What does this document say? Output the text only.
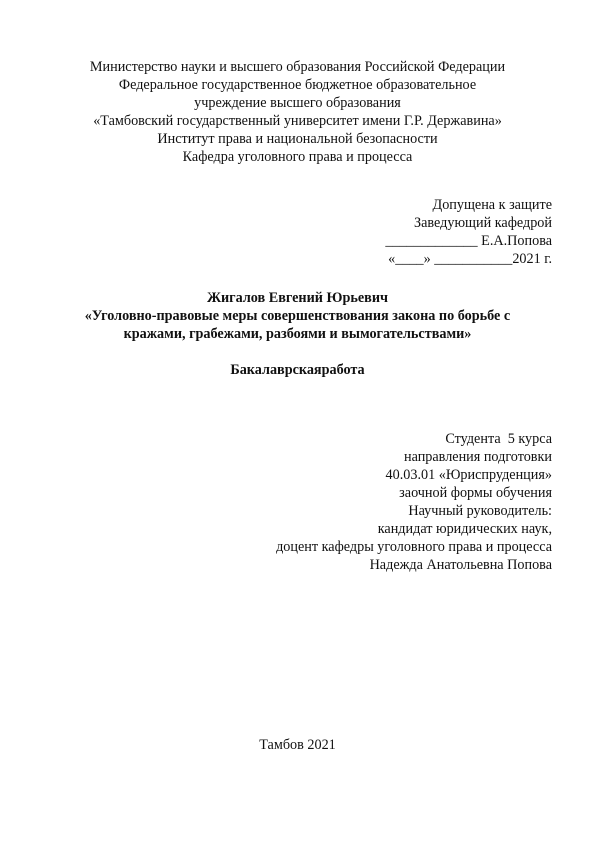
Министерство науки и высшего образования Российской Федерации
Федеральное государственное бюджетное образовательное
учреждение высшего образования
«Тамбовский государственный университет имени Г.Р. Державина»
Институт права и национальной безопасности
Кафедра уголовного права и процесса
Допущена к защите
Заведующий кафедрой
_____________ Е.А.Попова
«____» ___________2021 г.
Жигалов Евгений Юрьевич
«Уголовно-правовые меры совершенствования закона по борьбе с
кражами, грабежами, разбоями и вымогательствами»
Бакалаврскаяработа
Студента  5 курса
направления подготовки
40.03.01 «Юриспруденция»
заочной формы обучения
Научный руководитель:
кандидат юридических наук,
доцент кафедры уголовного права и процесса
Надежда Анатольевна Попова
Тамбов 2021
